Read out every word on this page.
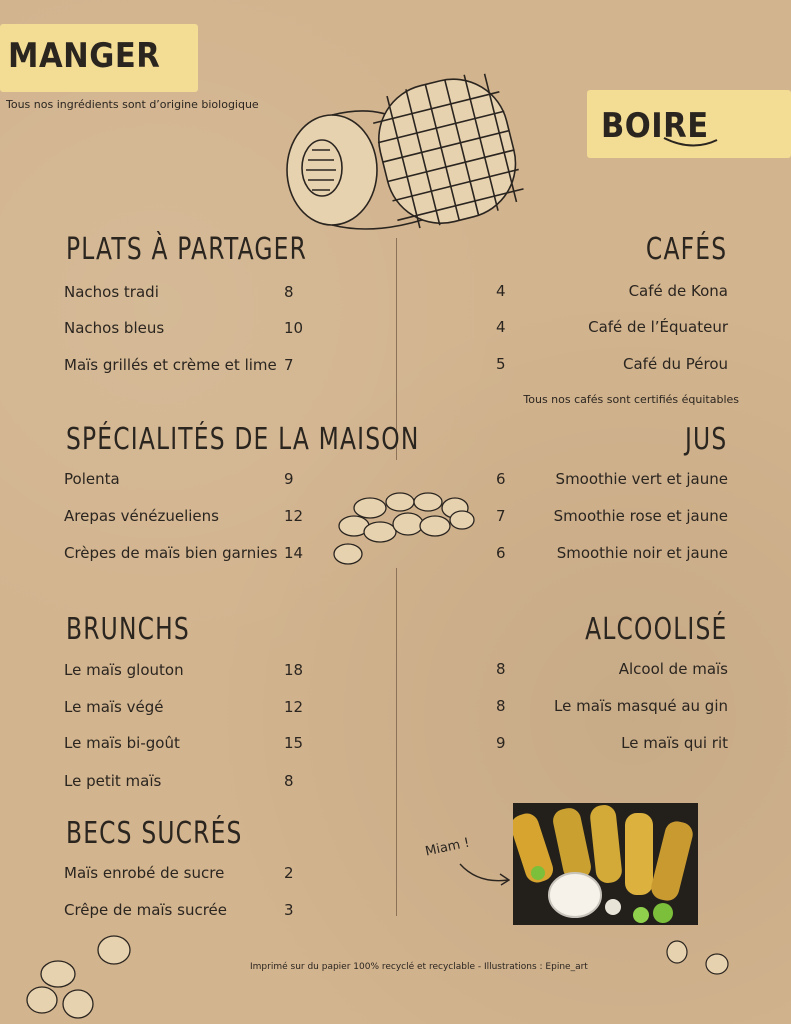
MANGER
Tous nos ingrédients sont d’origine biologique
BOIRE
PLATS À PARTAGER
Nachos tradi	8
Nachos bleus	10
Maïs grillés et crème et lime 7
SPÉCIALITÉS DE LA MAISON
Polenta	9
Arepas vénézueliens	12
Crèpes de maïs bien garnies 14
BRUNCHS
Le maïs glouton	18
Le maïs végé	12
Le maïs bi-goût	15
Le petit maïs	8
BECS SUCRÉS
Maïs enrobé de sucre	2
Crêpe de maïs sucrée	3
CAFÉS
4	Café de Kona
4	Café de l’Équateur
5	Café du Pérou
Tous nos cafés sont certifiés équitables
JUS
6	Smoothie vert et jaune
7	Smoothie rose et jaune
6	Smoothie noir et jaune
ALCOOLISÉ
8	Alcool de maïs
8	Le maïs masqué au gin
9	Le maïs qui rit
Miam !
Imprimé sur du papier 100% recyclé et recyclable - Illustrations : Epine_art
